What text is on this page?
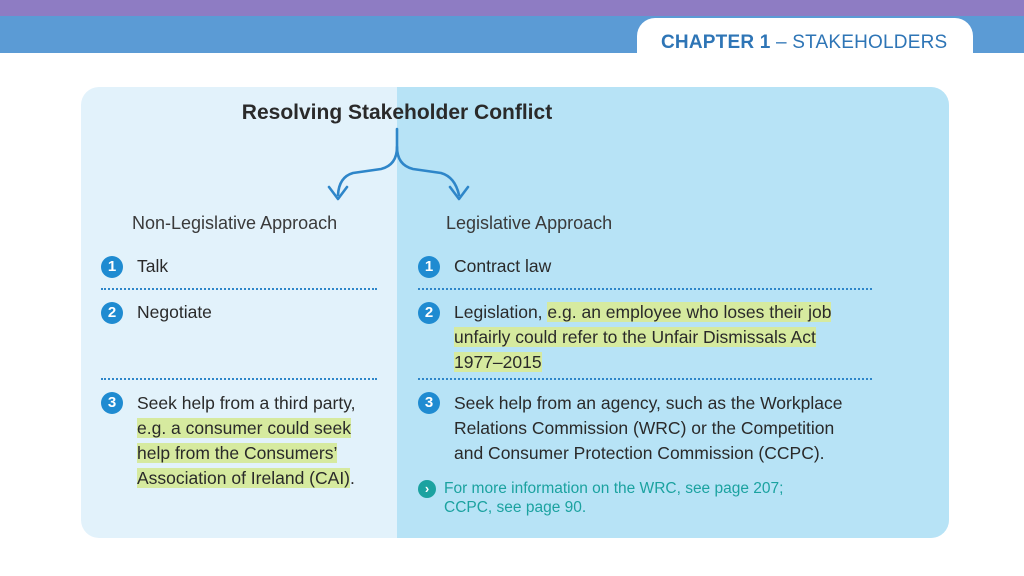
CHAPTER 1 – STAKEHOLDERS
Resolving Stakeholder Conflict
Non-Legislative Approach
1	Talk
2	Negotiate
3	Seek help from a third party,
e.g. a consumer could seek
help from the Consumers’
Association of Ireland (CAI).
Legislative Approach
1	Contract law
2	Legislation, e.g. an employee who loses their job
unfairly could refer to the Unfair Dismissals Act
1977–2015
3	Seek help from an agency, such as the Workplace
Relations Commission (WRC) or the Competition
and Consumer Protection Commission (CCPC).
› For more information on the WRC, see page 207;
CCPC, see page 90.
